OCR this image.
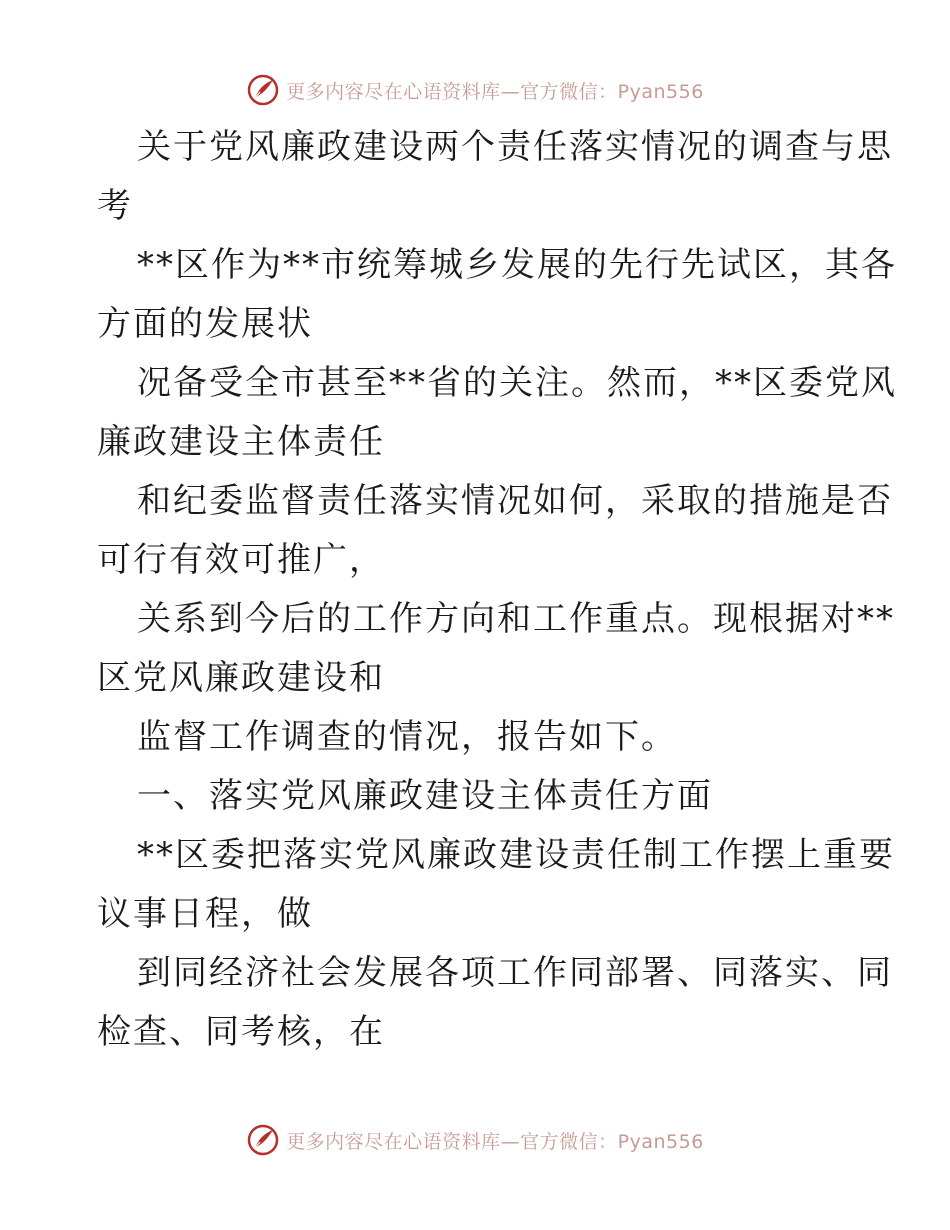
更多内容尽在心语资料库—官方微信：Pyan556
关于党风廉政建设两个责任落实情况的调查与思
考
**区作为**市统筹城乡发展的先行先试区，其各
方面的发展状
况备受全市甚至**省的关注。然而，**区委党风
廉政建设主体责任
和纪委监督责任落实情况如何，采取的措施是否
可行有效可推广，
关系到今后的工作方向和工作重点。现根据对**
区党风廉政建设和
监督工作调查的情况，报告如下。
一、落实党风廉政建设主体责任方面
**区委把落实党风廉政建设责任制工作摆上重要
议事日程，做
到同经济社会发展各项工作同部署、同落实、同
检查、同考核，在
更多内容尽在心语资料库—官方微信：Pyan556
